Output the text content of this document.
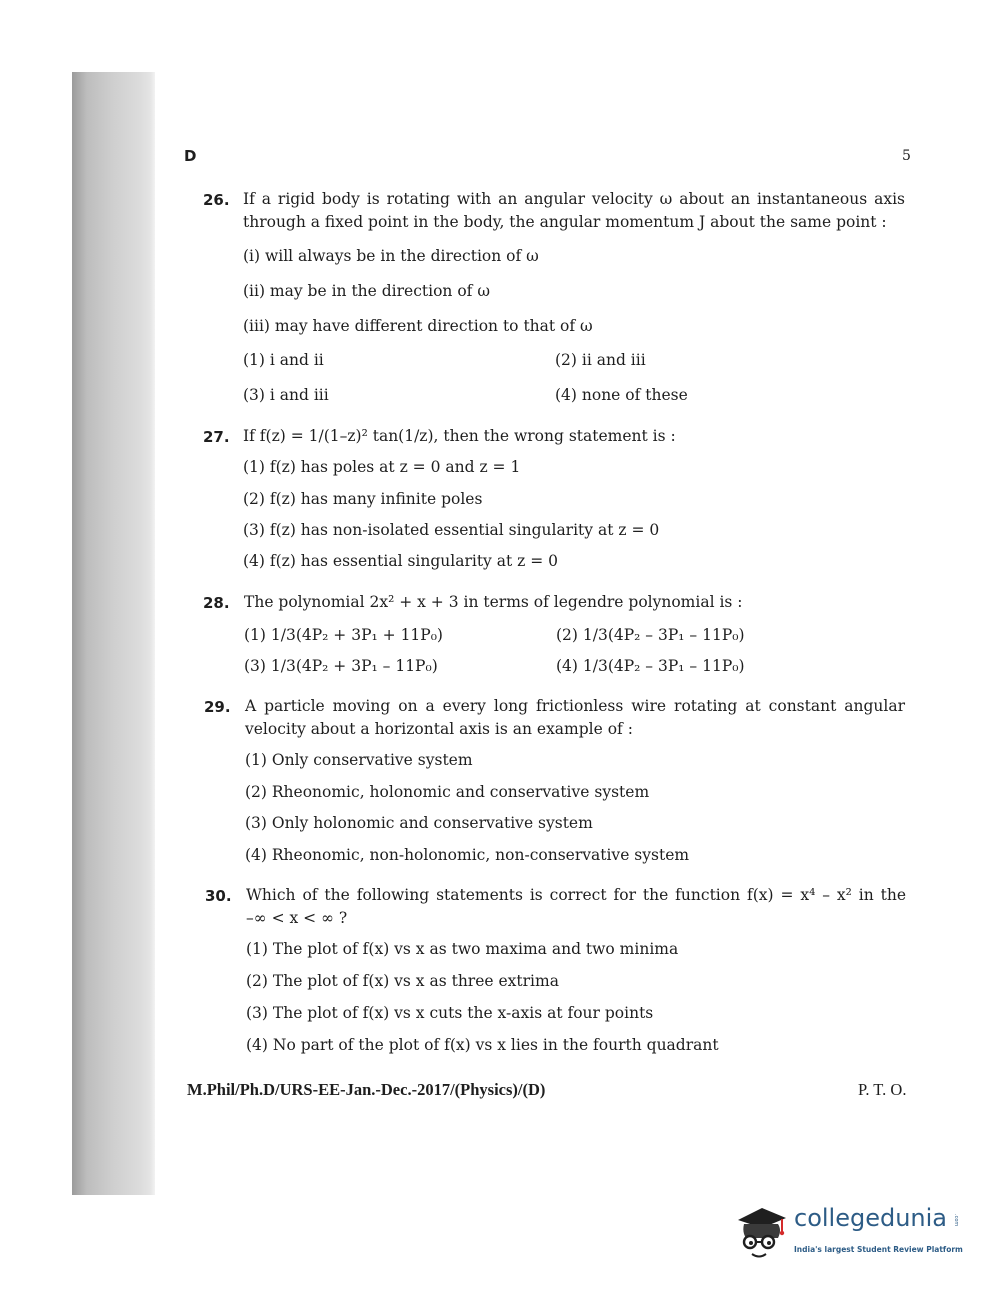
D	5
26. If a rigid body is rotating with an angular velocity ω about an instantaneous axis
through a fixed point in the body, the angular momentum J about the same point :
(i) will always be in the direction of ω
(ii) may be in the direction of ω
(iii) may have different direction to that of ω
(1) i and ii	(2) ii and iii
(3) i and iii	(4) none of these
27. If f(z) = 1/(1–z)² tan(1/z), then the wrong statement is :
(1) f(z) has poles at z = 0 and z = 1
(2) f(z) has many infinite poles
(3) f(z) has non-isolated essential singularity at z = 0
(4) f(z) has essential singularity at z = 0
28. The polynomial 2x² + x + 3 in terms of legendre polynomial is :
(1) 1/3(4P₂ + 3P₁ + 11P₀)	(2) 1/3(4P₂ – 3P₁ – 11P₀)
(3) 1/3(4P₂ + 3P₁ – 11P₀)	(4) 1/3(4P₂ – 3P₁ – 11P₀)
29. A particle moving on a every long frictionless wire rotating at constant angular
velocity about a horizontal axis is an example of :
(1) Only conservative system
(2) Rheonomic, holonomic and conservative system
(3) Only holonomic and conservative system
(4) Rheonomic, non-holonomic, non-conservative system
30. Which of the following statements is correct for the function f(x) = x⁴ – x² in the
–∞ < x < ∞ ?
(1) The plot of f(x) vs x as two maxima and two minima
(2) The plot of f(x) vs x as three extrima
(3) The plot of f(x) vs x cuts the x-axis at four points
(4) No part of the plot of f(x) vs x lies in the fourth quadrant
M.Phil/Ph.D/URS-EE-Jan.-Dec.-2017/(Physics)/(D)	P. T. O.
collegedunia .com
India's largest Student Review Platform
